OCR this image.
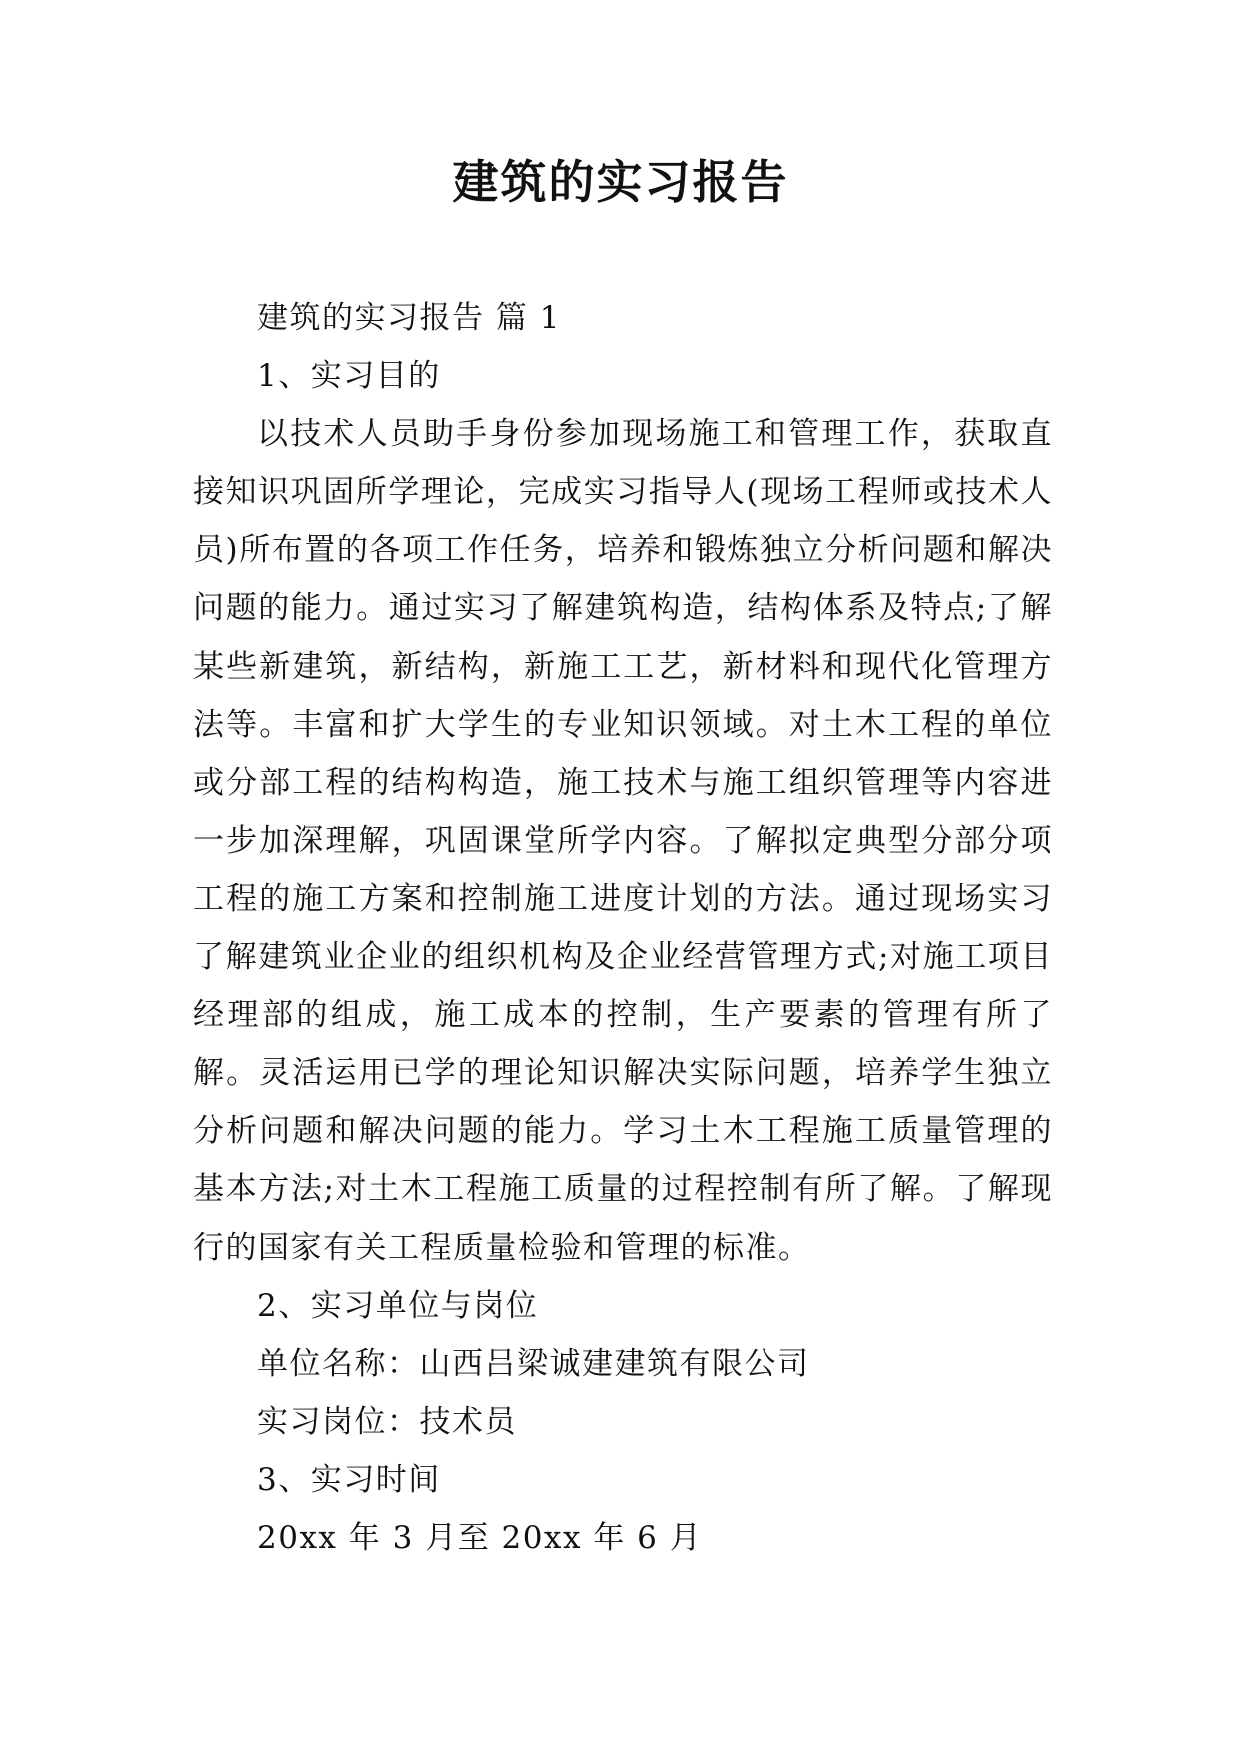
建筑的实习报告

建筑的实习报告 篇 1

1、实习目的

以技术人员助手身份参加现场施工和管理工作，获取直接知识巩固所学理论，完成实习指导人(现场工程师或技术人员)所布置的各项工作任务，培养和锻炼独立分析问题和解决问题的能力。通过实习了解建筑构造，结构体系及特点;了解某些新建筑，新结构，新施工工艺，新材料和现代化管理方法等。丰富和扩大学生的专业知识领域。对土木工程的单位或分部工程的结构构造，施工技术与施工组织管理等内容进一步加深理解，巩固课堂所学内容。了解拟定典型分部分项工程的施工方案和控制施工进度计划的方法。通过现场实习了解建筑业企业的组织机构及企业经营管理方式;对施工项目经理部的组成，施工成本的控制，生产要素的管理有所了解。灵活运用已学的理论知识解决实际问题，培养学生独立分析问题和解决问题的能力。学习土木工程施工质量管理的基本方法;对土木工程施工质量的过程控制有所了解。了解现行的国家有关工程质量检验和管理的标准。

2、实习单位与岗位

单位名称：山西吕梁诚建建筑有限公司

实习岗位：技术员

3、实习时间

20xx 年 3 月至 20xx 年 6 月
